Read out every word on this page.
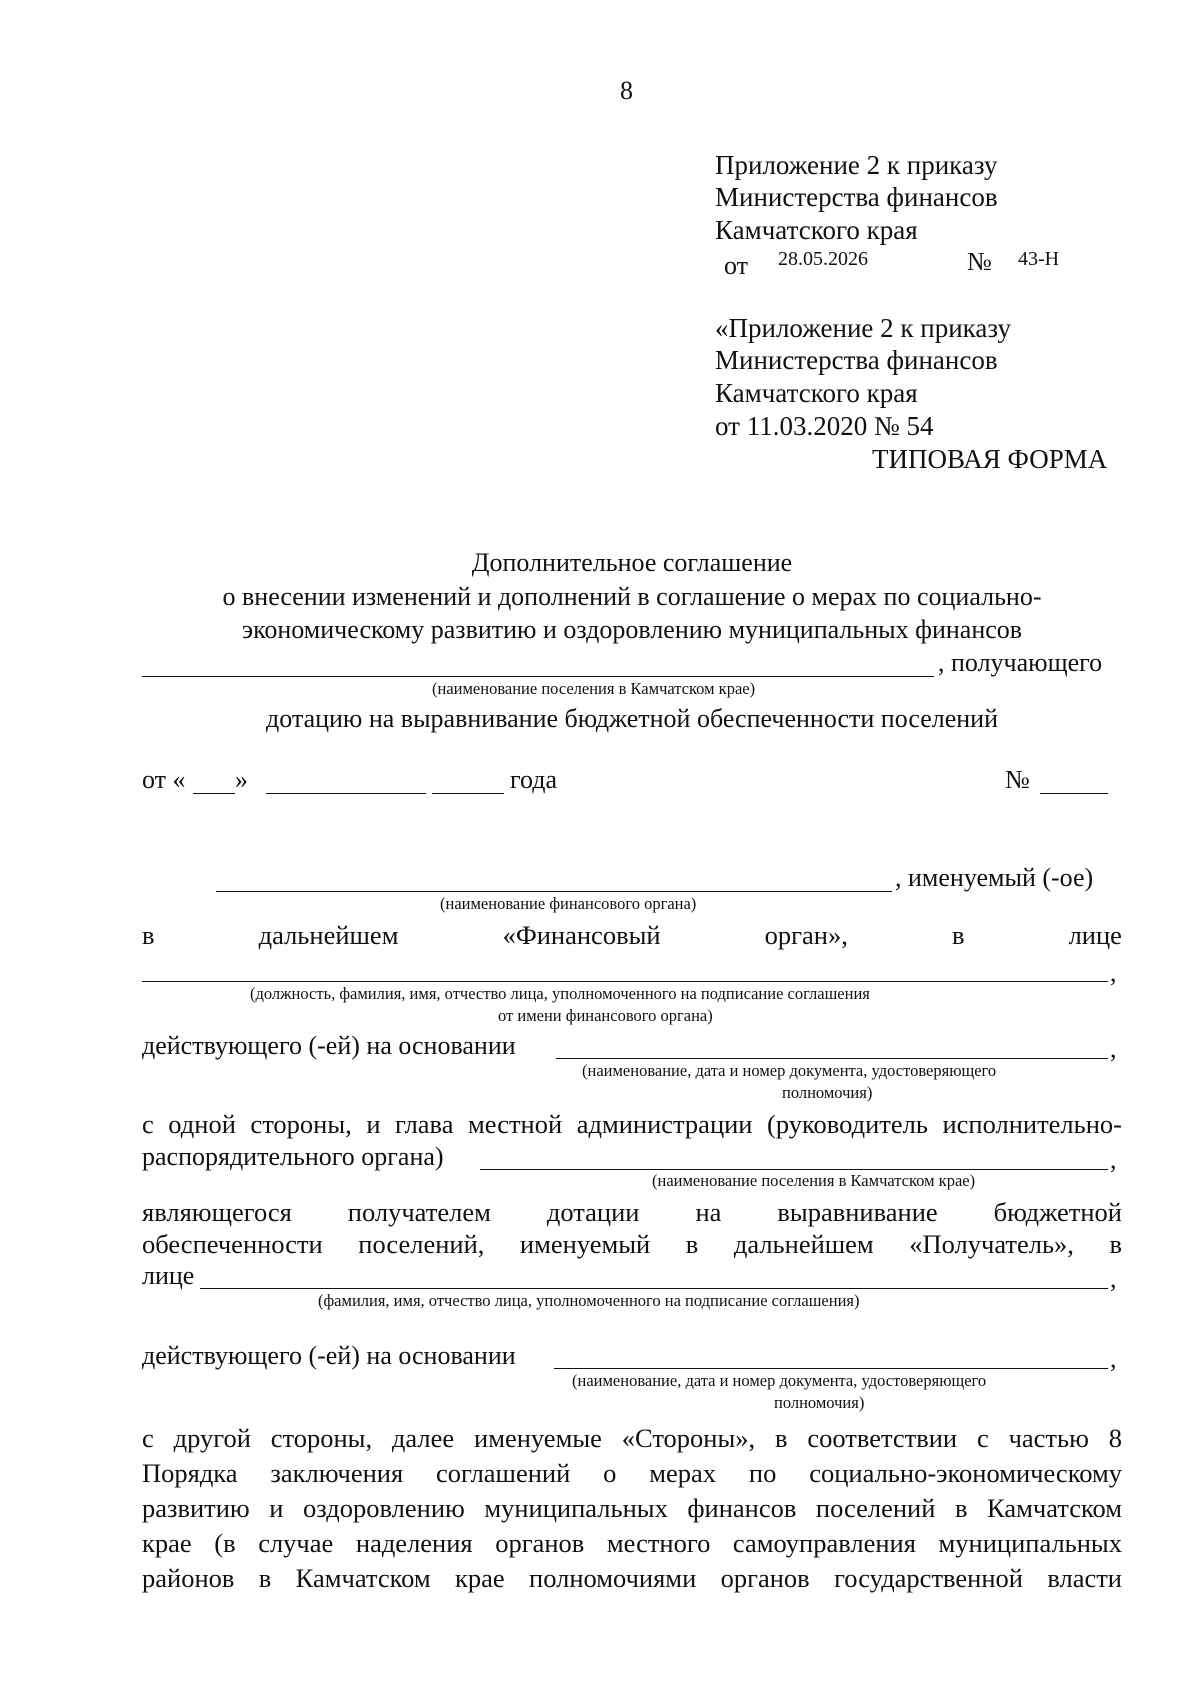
8
Приложение 2 к приказу
Министерства финансов
Камчатского края
от 28.05.2026	№ 43-Н
«Приложение 2 к приказу
Министерства финансов
Камчатского края
от 11.03.2020 № 54
ТИПОВАЯ ФОРМА
Дополнительное соглашение
о внесении изменений и дополнений в соглашение о мерах по социально-
экономическому развитию и оздоровлению муниципальных финансов
, получающего
(наименование поселения в Камчатском крае)
дотацию на выравнивание бюджетной обеспеченности поселений
от « »	года	№
, именуемый (-ое)
(наименование финансового органа)
в	дальнейшем	«Финансовый	орган»,	в	лице
,
(должность, фамилия, имя, отчество лица, уполномоченного на подписание соглашения
от имени финансового органа)
действующего (-ей) на основании	,
(наименование, дата и номер документа, удостоверяющего
полномочия)
с одной стороны, и глава местной администрации (руководитель исполнительно-
распорядительного органа)	,
(наименование поселения в Камчатском крае)
являющегося получателем дотации на выравнивание бюджетной
обеспеченности поселений, именуемый в дальнейшем «Получатель», в
лице	,
(фамилия, имя, отчество лица, уполномоченного на подписание соглашения)
действующего (-ей) на основании	,
(наименование, дата и номер документа, удостоверяющего
полномочия)
с другой стороны, далее именуемые «Стороны», в соответствии с частью 8
Порядка заключения соглашений о мерах по социально-экономическому
развитию и оздоровлению муниципальных финансов поселений в Камчатском
крае (в случае наделения органов местного самоуправления муниципальных
районов в Камчатском крае полномочиями органов государственной власти
